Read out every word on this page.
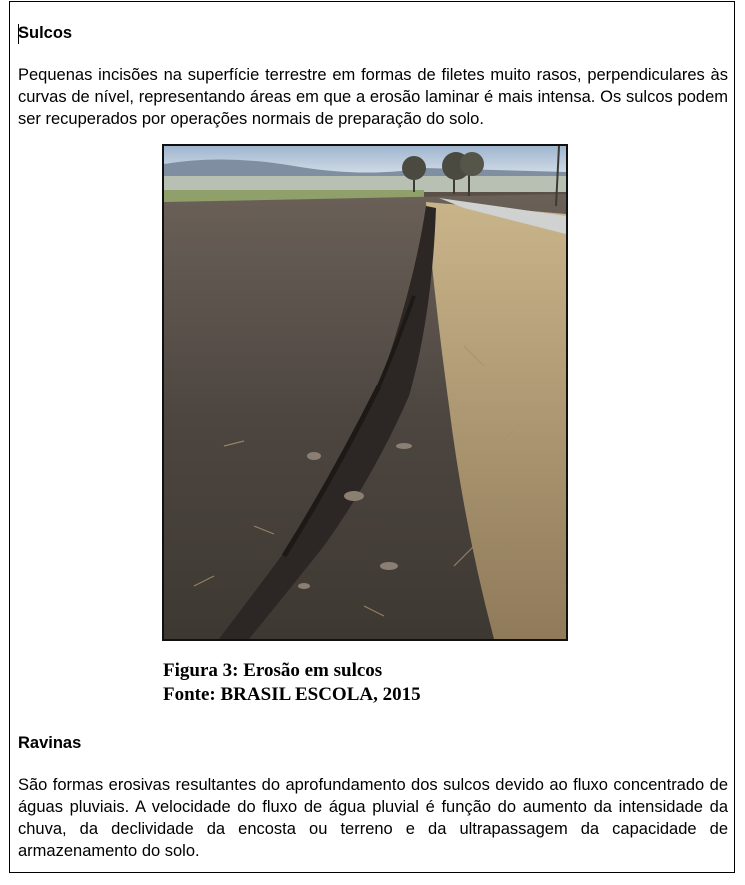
Sulcos

Pequenas incisões na superfície terrestre em formas de filetes muito rasos, perpendiculares às curvas de nível, representando áreas em que a erosão laminar é mais intensa. Os sulcos podem ser recuperados por operações normais de preparação do solo.

Figura 3: Erosão em sulcos
Fonte: BRASIL ESCOLA, 2015
Ravinas

São formas erosivas resultantes do aprofundamento dos sulcos devido ao fluxo concentrado de águas pluviais. A velocidade do fluxo de água pluvial é função do aumento da intensidade da chuva, da declividade da encosta ou terreno e da ultrapassagem da capacidade de armazenamento do solo.
